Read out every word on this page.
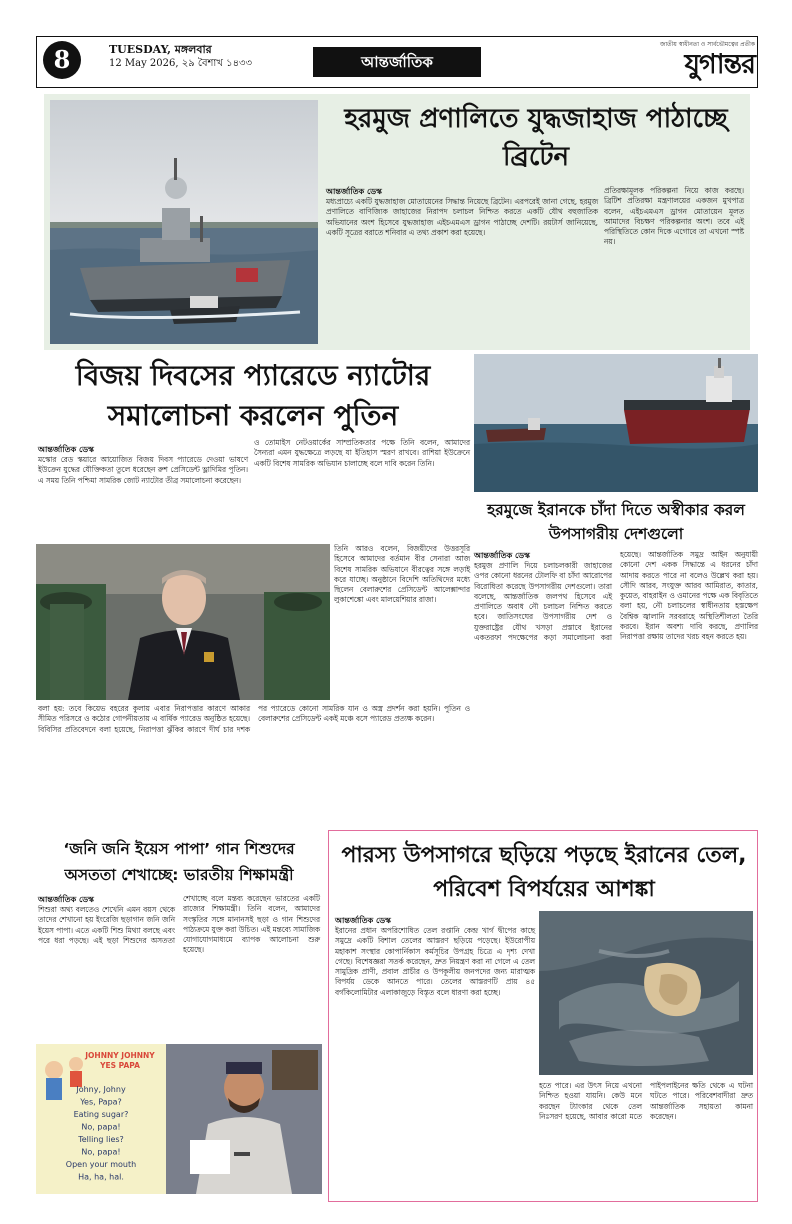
8	TUESDAY, মঙ্গলবার
12 May 2026, ২৯ বৈশাখ ১৪৩৩	আন্তর্জাতিক
জাতীয় স্বাধীনতা ও সার্বভৌমত্বের প্রতীক
যুগান্তর
হরমুজ প্রণালিতে যুদ্ধজাহাজ পাঠাচ্ছে ব্রিটেন
আন্তর্জাতিক ডেস্ক

মধ্যপ্রাচ্যে একটি যুদ্ধজাহাজ মোতায়েনের সিদ্ধান্ত নিয়েছে ব্রিটেন। এরপরেই জানা গেছে, হরমুজ প্রণালিতে বাণিজ্যিক জাহাজের নিরাপদ চলাচল নিশ্চিত করতে একটি যৌথ বহুজাতিক অভিযানের অংশ হিসেবে যুদ্ধজাহাজ এইচএমএস ড্রাগন পাঠাচ্ছে দেশটি। রয়টার্স জানিয়েছে, একটি সূত্রের বরাতে শনিবার এ তথ্য প্রকাশ করা হয়েছে।

প্রতিরক্ষামূলক পরিকল্পনা নিয়ে কাজ করছে। ব্রিটিশ প্রতিরক্ষা মন্ত্রণালয়ের একজন মুখপাত্র বলেন, এইচএমএস ড্রাগন মোতায়েন মূলত আমাদের বিচক্ষণ পরিকল্পনার অংশ। তবে এই পরিস্থিতিতে কোন দিকে এগোবে তা এখনো স্পষ্ট নয়।

বিজয় দিবসের প্যারেডে ন্যাটোর সমালোচনা করলেন পুতিন
আন্তর্জাতিক ডেস্ক

মস্কোর রেড স্কয়ারে আয়োজিত বিজয় দিবস প্যারেডে দেওয়া ভাষণে ইউক্রেন যুদ্ধের যৌক্তিকতা তুলে ধরেছেন রুশ প্রেসিডেন্ট ভ্লাদিমির পুতিন। এ সময় তিনি পশ্চিমা সামরিক জোট ন্যাটোর তীব্র সমালোচনা করেছেন।

ও তোমাইস নেটওয়ার্কের সাম্প্রতিকতার পক্ষে তিনি বলেন, আমাদের সৈন্যরা এমন যুদ্ধক্ষেত্রে লড়ছে যা ইতিহাস স্মরণ রাখবে। রাশিয়া ইউক্রেনে একটি বিশেষ সামরিক অভিযান চালাচ্ছে বলে দাবি করেন তিনি।

তিনি আরও বলেন, বিজয়ীদের উত্তরসূরি হিসেবে আমাদের বর্তমান বীর সেনারা আজ বিশেষ সামরিক অভিযানে বীরত্বের সঙ্গে লড়াই করে যাচ্ছে। অনুষ্ঠানে বিদেশি অতিথিদের মধ্যে ছিলেন বেলারুশের প্রেসিডেন্ট আলেক্সান্দার লুকাশেঙ্কো এবং মালয়েশিয়ার রাজা।

বলা হয়: তবে কিয়েভ বহরের কুলায় এবার নিরাপত্তার কারণে আকার সীমিত পরিসরে ও কঠোর গোপনীয়তায় এ বার্ষিক প্যারেড অনুষ্ঠিত হয়েছে। বিবিসির প্রতিবেদনে বলা হয়েছে, নিরাপত্তা ঝুঁকির কারণে দীর্ঘ চার দশক পর প্যারেডে কোনো সামরিক যান ও অস্ত্র প্রদর্শন করা হয়নি। পুতিন ও বেলারুশের প্রেসিডেন্ট একই মঞ্চে বসে প্যারেড প্রত্যক্ষ করেন।

হরমুজে ইরানকে চাঁদা দিতে অস্বীকার করল উপসাগরীয় দেশগুলো
আন্তর্জাতিক ডেস্ক

হরমুজ প্রণালি দিয়ে চলাচলকারী জাহাজের ওপর কোনো ধরনের টোলফি বা চাঁদা আরোপের বিরোধিতা করেছে উপসাগরীয় দেশগুলো। তারা বলেছে, আন্তর্জাতিক জলপথ হিসেবে এই প্রণালিতে অবাধ নৌ চলাচল নিশ্চিত করতে হবে। জাতিসংঘের উপসাগরীয় দেশ ও যুক্তরাষ্ট্রের যৌথ খসড়া প্রস্তাবে ইরানের একতরফা পদক্ষেপের কড়া সমালোচনা করা হয়েছে। আন্তর্জাতিক সমুদ্র আইন অনুযায়ী কোনো দেশ একক সিদ্ধান্তে এ ধরনের চাঁদা আদায় করতে পারে না বলেও উল্লেখ করা হয়। সৌদি আরব, সংযুক্ত আরব আমিরাত, কাতার, কুয়েত, বাহরাইন ও ওমানের পক্ষে এক বিবৃতিতে বলা হয়, নৌ চলাচলের স্বাধীনতায় হস্তক্ষেপ বৈশ্বিক জ্বালানি সরবরাহে অস্থিতিশীলতা তৈরি করবে। ইরান অবশ্য দাবি করছে, প্রণালির নিরাপত্তা রক্ষায় তাদের খরচ বহন করতে হয়।

‘জনি জনি ইয়েস পাপা’ গান শিশুদের অসততা শেখাচ্ছে: ভারতীয় শিক্ষামন্ত্রী
আন্তর্জাতিক ডেস্ক

শিশুরা অথ্য বলতেও শেখেনি এমন বয়স থেকে তাদের শেখানো হয় ইংরেজি ছড়াগান জনি জনি ইয়েস পাপা। এতে একটি শিশু মিথ্যা বলছে এবং পরে ধরা পড়ছে। এই ছড়া শিশুদের অসততা শেখাচ্ছে বলে মন্তব্য করেছেন ভারতের একটি রাজ্যের শিক্ষামন্ত্রী। তিনি বলেন, আমাদের সংস্কৃতির সঙ্গে মানানসই ছড়া ও গান শিশুদের পাঠ্যক্রমে যুক্ত করা উচিত। এই মন্তব্যে সামাজিক যোগাযোগমাধ্যমে ব্যাপক আলোচনা শুরু হয়েছে।

JOHNNY JOHNNY
YES PAPA
Johny, Johny
Yes, Papa?
Eating sugar?
No, papa!
Telling lies?
No, papa!
Open your mouth
Ha, ha, hal.
পারস্য উপসাগরে ছড়িয়ে পড়ছে ইরানের তেল, পরিবেশ বিপর্যয়ের আশঙ্কা
আন্তর্জাতিক ডেস্ক

ইরানের প্রধান অপরিশোধিত তেল রপ্তানি কেন্দ্র খার্গ দ্বীপের কাছে সমুদ্রে একটি বিশাল তেলের আস্তরণ ছড়িয়ে পড়েছে। ইউরোপীয় মহাকাশ সংস্থার কোপার্নিকাস কর্মসূচির উপগ্রহ চিত্রে এ দৃশ্য দেখা গেছে। বিশেষজ্ঞরা সতর্ক করেছেন, দ্রুত নিয়ন্ত্রণ করা না গেলে এ তেল সামুদ্রিক প্রাণী, প্রবাল প্রাচীর ও উপকূলীয় জনপদের জন্য মারাত্মক বিপর্যয় ডেকে আনতে পারে। তেলের আস্তরণটি প্রায় ৪৫ বর্গকিলোমিটার এলাকাজুড়ে বিস্তৃত বলে ধারণা করা হচ্ছে।

হতে পারে। এর উৎস নিয়ে এখনো নিশ্চিত হওয়া যায়নি। কেউ মনে করছেন ট্যাংকার থেকে তেল নিঃসরণ হয়েছে, আবার কারো মতে পাইপলাইনের ক্ষতি থেকে এ ঘটনা ঘটতে পারে। পরিবেশবাদীরা দ্রুত আন্তর্জাতিক সহায়তা কামনা করেছেন।
